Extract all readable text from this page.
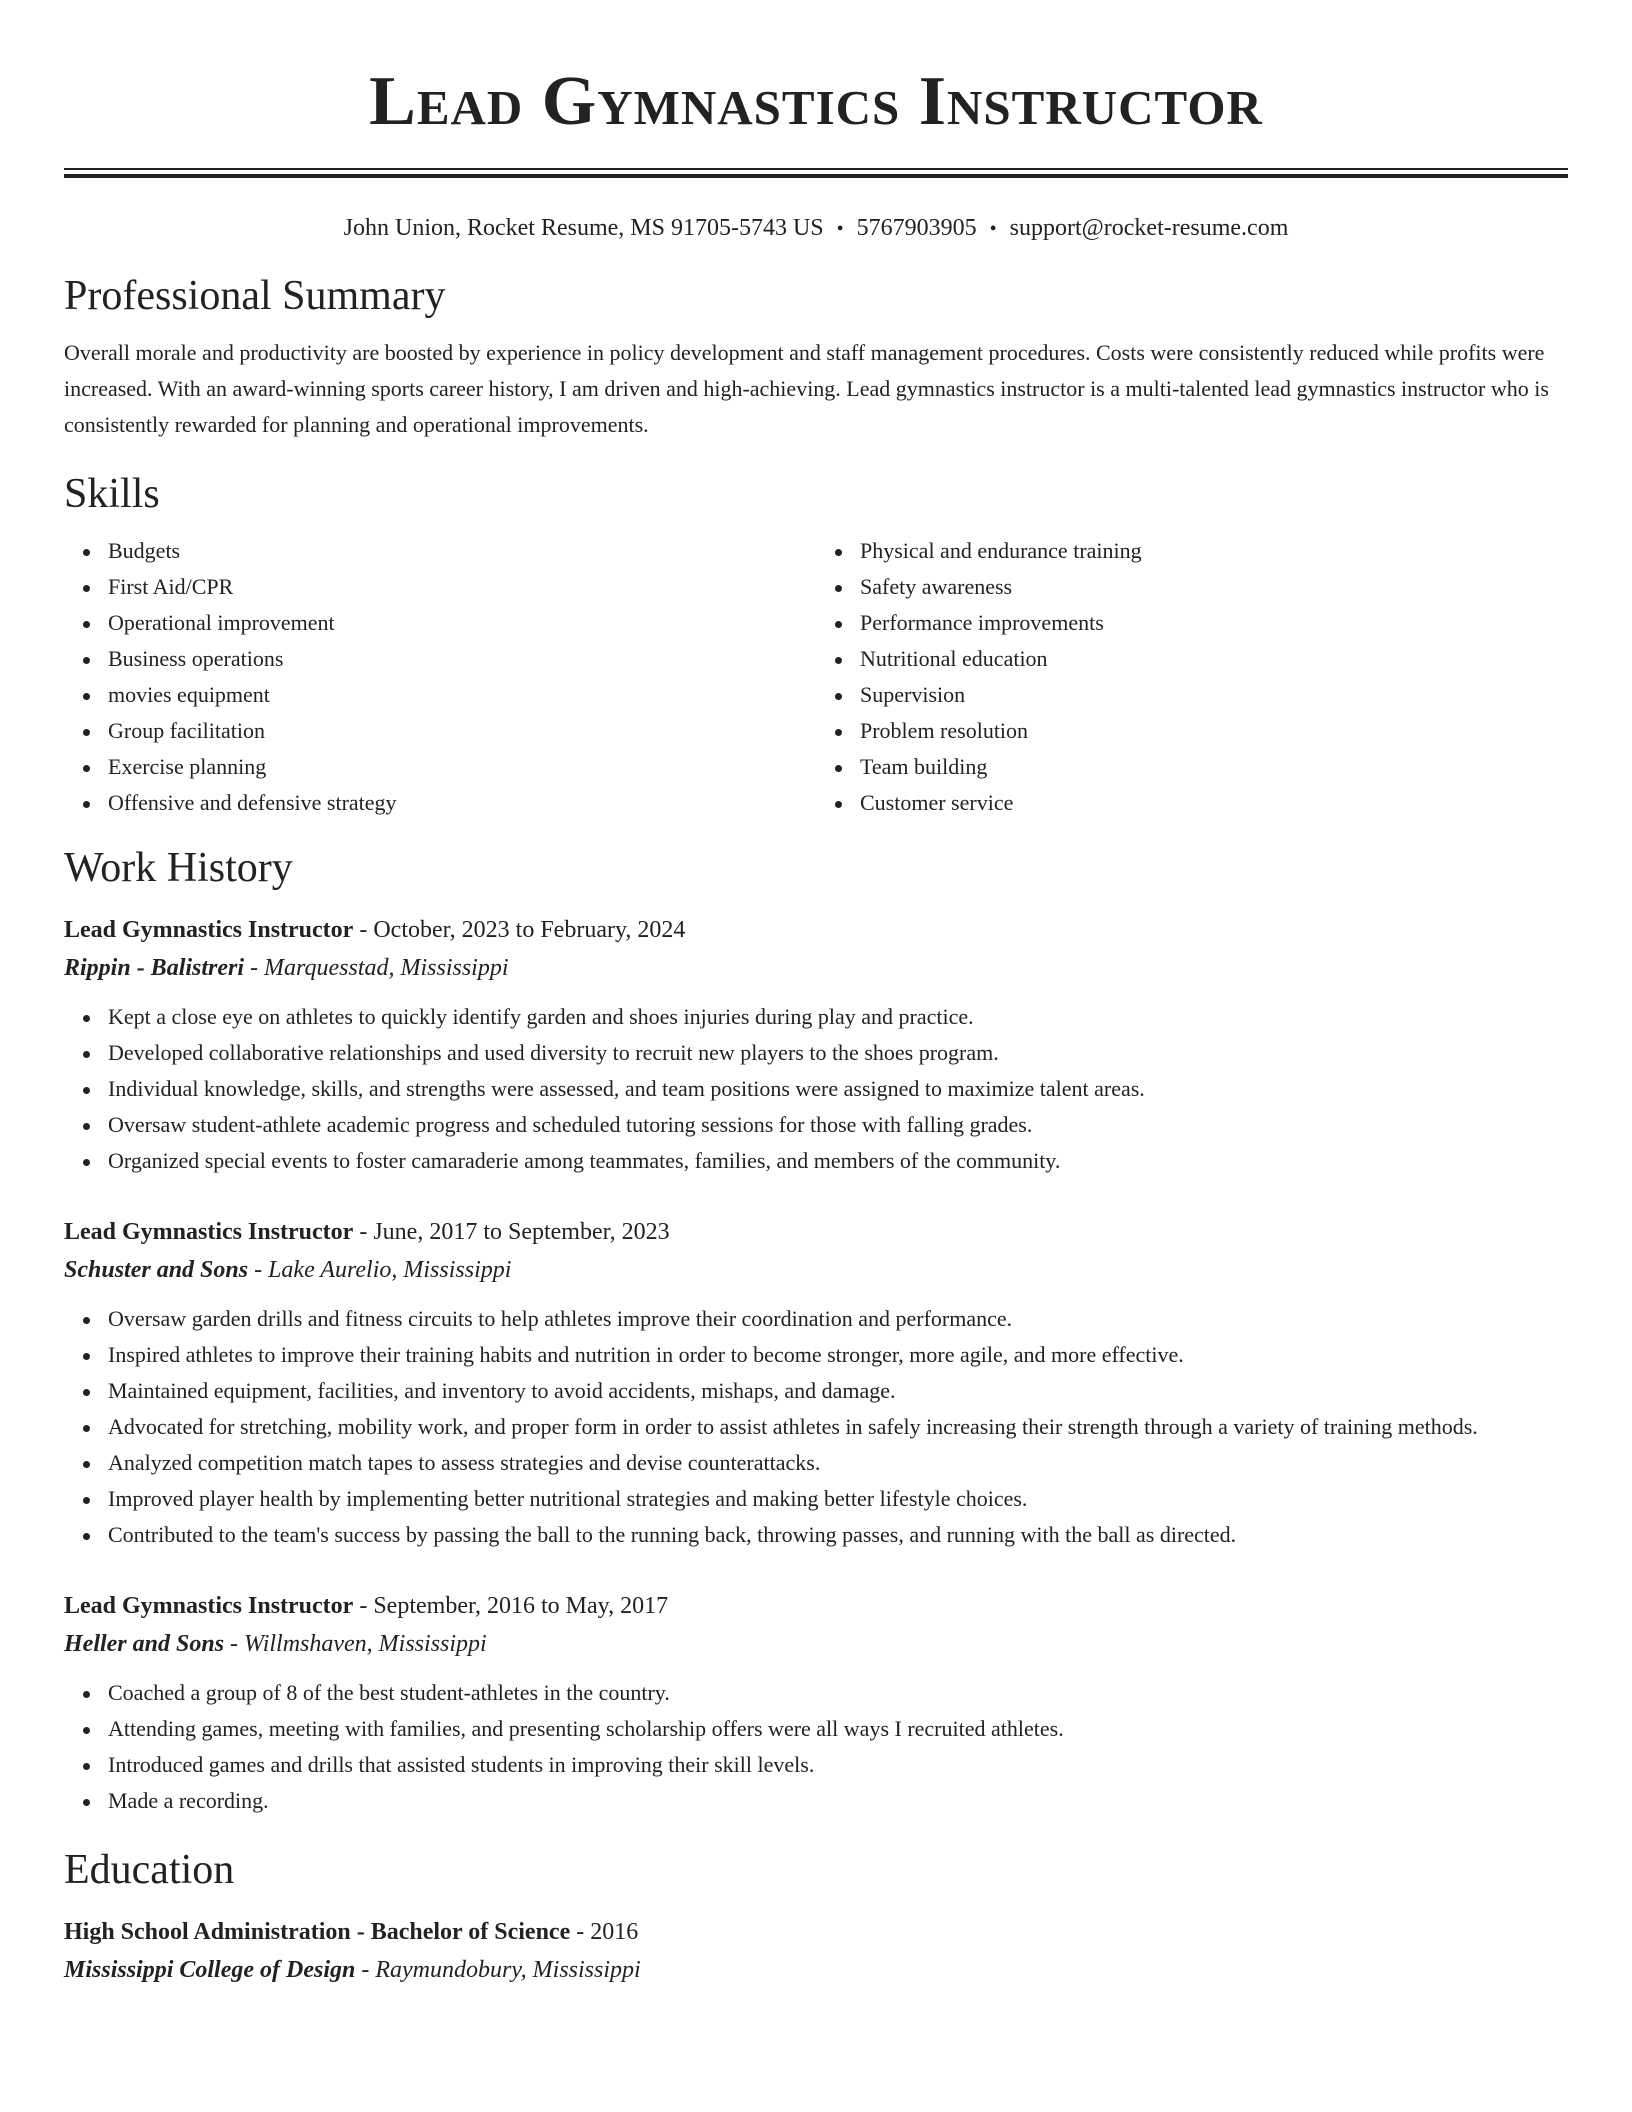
Lead Gymnastics Instructor
John Union, Rocket Resume, MS 91705-5743 US • 5767903905 • support@rocket-resume.com
Professional Summary

Overall morale and productivity are boosted by experience in policy development and staff management procedures. Costs were consistently reduced while profits were increased. With an award-winning sports career history, I am driven and high-achieving. Lead gymnastics instructor is a multi-talented lead gymnastics instructor who is consistently rewarded for planning and operational improvements.

Skills
Budgets
First Aid/CPR
Operational improvement
Business operations
movies equipment
Group facilitation
Exercise planning
Offensive and defensive strategy
Physical and endurance training
Safety awareness
Performance improvements
Nutritional education
Supervision
Problem resolution
Team building
Customer service
Work History
Lead Gymnastics Instructor - October, 2023 to February, 2024
Rippin - Balistreri - Marquesstad, Mississippi
Kept a close eye on athletes to quickly identify garden and shoes injuries during play and practice.
Developed collaborative relationships and used diversity to recruit new players to the shoes program.
Individual knowledge, skills, and strengths were assessed, and team positions were assigned to maximize talent areas.
Oversaw student-athlete academic progress and scheduled tutoring sessions for those with falling grades.
Organized special events to foster camaraderie among teammates, families, and members of the community.
Lead Gymnastics Instructor - June, 2017 to September, 2023
Schuster and Sons - Lake Aurelio, Mississippi
Oversaw garden drills and fitness circuits to help athletes improve their coordination and performance.
Inspired athletes to improve their training habits and nutrition in order to become stronger, more agile, and more effective.
Maintained equipment, facilities, and inventory to avoid accidents, mishaps, and damage.
Advocated for stretching, mobility work, and proper form in order to assist athletes in safely increasing their strength through a variety of training methods.
Analyzed competition match tapes to assess strategies and devise counterattacks.
Improved player health by implementing better nutritional strategies and making better lifestyle choices.
Contributed to the team's success by passing the ball to the running back, throwing passes, and running with the ball as directed.
Lead Gymnastics Instructor - September, 2016 to May, 2017
Heller and Sons - Willmshaven, Mississippi
Coached a group of 8 of the best student-athletes in the country.
Attending games, meeting with families, and presenting scholarship offers were all ways I recruited athletes.
Introduced games and drills that assisted students in improving their skill levels.
Made a recording.
Education
High School Administration - Bachelor of Science - 2016
Mississippi College of Design - Raymundobury, Mississippi
